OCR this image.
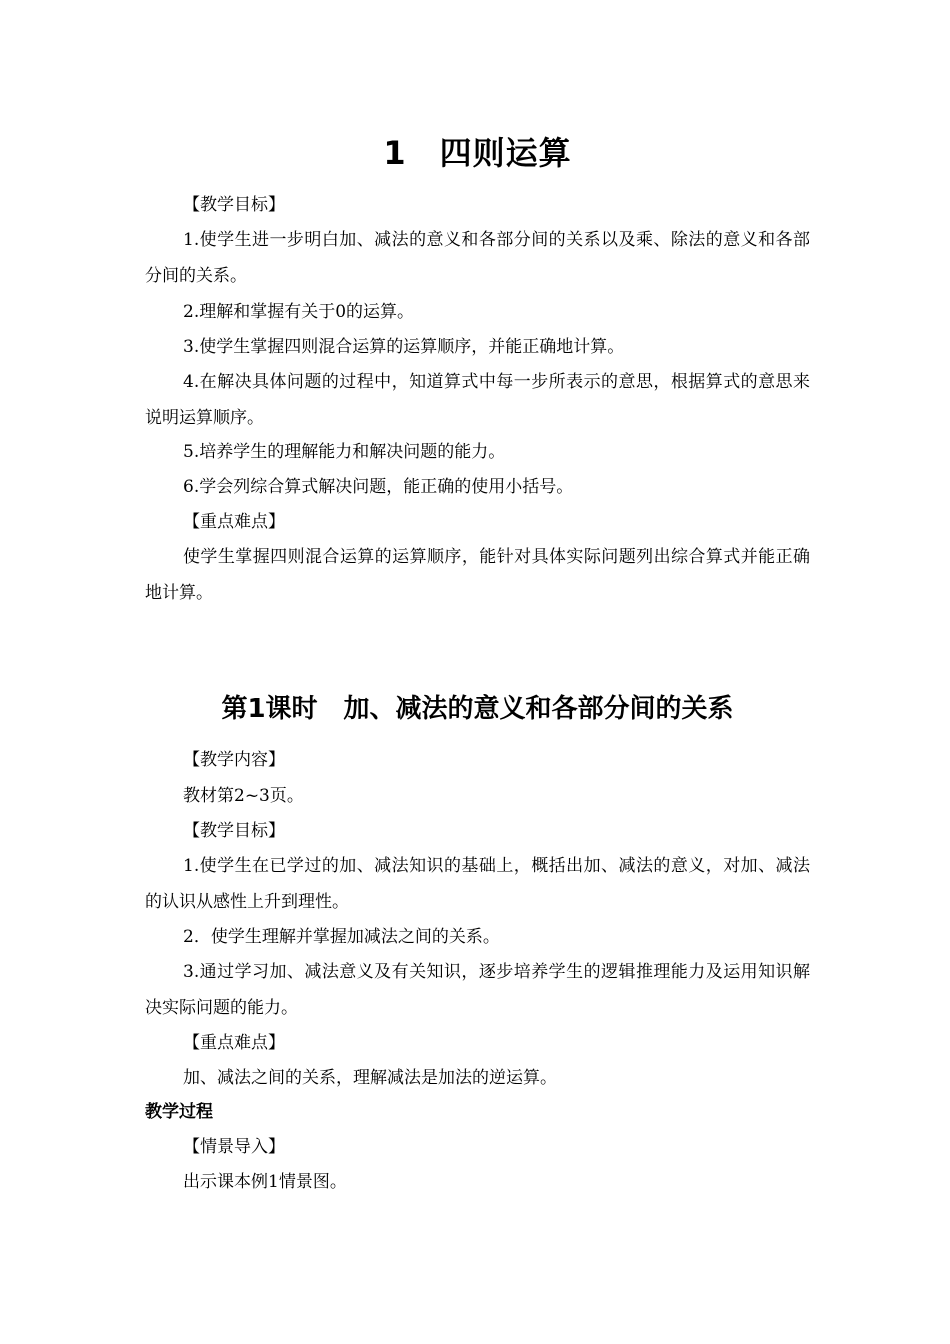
1　四则运算

【教学目标】

1.使学生进一步明白加、减法的意义和各部分间的关系以及乘、除法的意义和各部分间的关系。

2.理解和掌握有关于0的运算。

3.使学生掌握四则混合运算的运算顺序，并能正确地计算。

4.在解决具体问题的过程中，知道算式中每一步所表示的意思，根据算式的意思来说明运算顺序。

5.培养学生的理解能力和解决问题的能力。

6.学会列综合算式解决问题，能正确的使用小括号。

【重点难点】

使学生掌握四则混合运算的运算顺序，能针对具体实际问题列出综合算式并能正确地计算。

第1课时　加、减法的意义和各部分间的关系

【教学内容】

教材第2~3页。

【教学目标】

1.使学生在已学过的加、减法知识的基础上，概括出加、减法的意义，对加、减法的认识从感性上升到理性。

2．使学生理解并掌握加减法之间的关系。

3.通过学习加、减法意义及有关知识，逐步培养学生的逻辑推理能力及运用知识解决实际问题的能力。

【重点难点】

加、减法之间的关系，理解减法是加法的逆运算。

教学过程

【情景导入】

出示课本例1情景图。
